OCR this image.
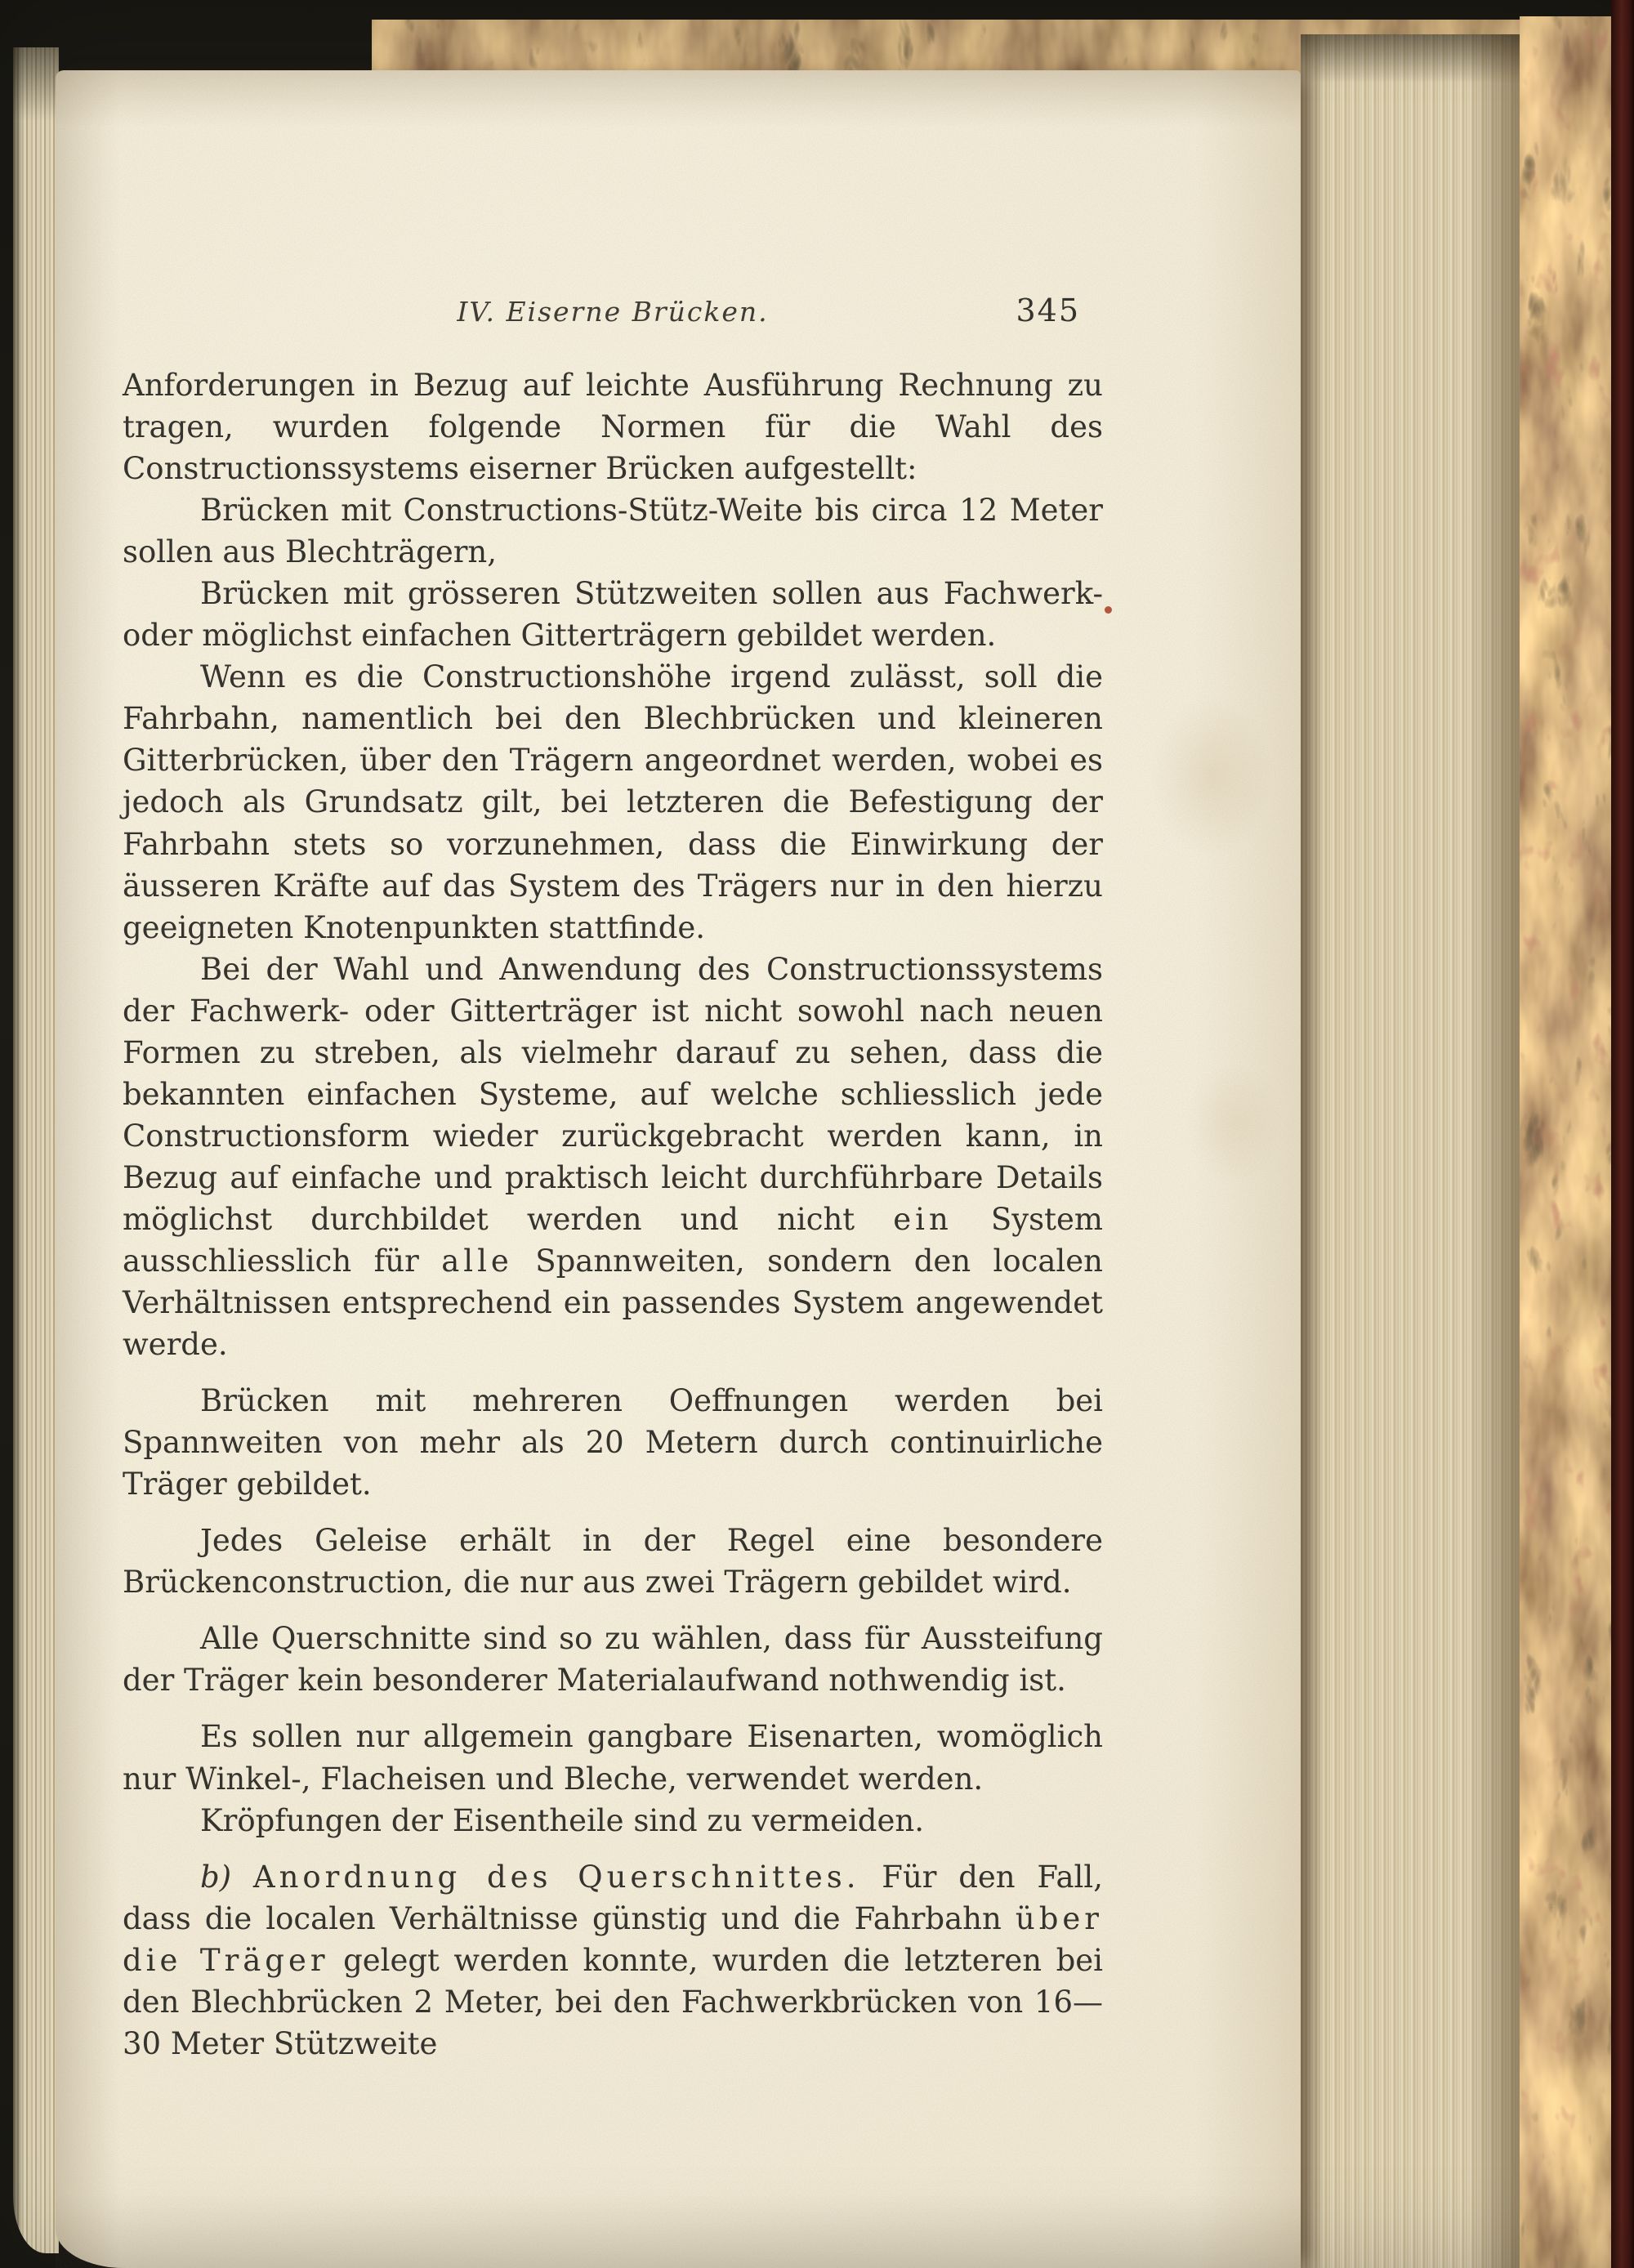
IV. Eiserne Brücken.	345

Anforderungen in Bezug auf leichte Ausführung Rechnung zu tragen, wurden folgende Normen für die Wahl des Constructionssystems eiserner Brücken aufgestellt:

Brücken mit Constructions-Stütz-Weite bis circa 12 Meter sollen aus Blechträgern,

Brücken mit grösseren Stützweiten sollen aus Fachwerk- oder möglichst einfachen Gitterträgern gebildet werden.

Wenn es die Constructionshöhe irgend zulässt, soll die Fahrbahn, namentlich bei den Blechbrücken und kleineren Gitterbrücken, über den Trägern angeordnet werden, wobei es jedoch als Grundsatz gilt, bei letzteren die Befestigung der Fahrbahn stets so vorzunehmen, dass die Einwirkung der äusseren Kräfte auf das System des Trägers nur in den hierzu geeigneten Knotenpunkten stattfinde.

Bei der Wahl und Anwendung des Constructionssystems der Fachwerk- oder Gitterträger ist nicht sowohl nach neuen Formen zu streben, als vielmehr darauf zu sehen, dass die bekannten einfachen Systeme, auf welche schliesslich jede Constructionsform wieder zurückgebracht werden kann, in Bezug auf einfache und praktisch leicht durchführbare Details möglichst durchbildet werden und nicht ein System ausschliesslich für alle Spannweiten, sondern den localen Verhältnissen entsprechend ein passendes System angewendet werde.

Brücken mit mehreren Oeffnungen werden bei Spannweiten von mehr als 20 Metern durch continuirliche Träger gebildet.

Jedes Geleise erhält in der Regel eine besondere Brückenconstruction, die nur aus zwei Trägern gebildet wird.

Alle Querschnitte sind so zu wählen, dass für Aussteifung der Träger kein besonderer Materialaufwand nothwendig ist.

Es sollen nur allgemein gangbare Eisenarten, womöglich nur Winkel-, Flacheisen und Bleche, verwendet werden.

Kröpfungen der Eisentheile sind zu vermeiden.

b) Anordnung des Querschnittes. Für den Fall, dass die localen Verhältnisse günstig und die Fahrbahn über die Träger gelegt werden konnte, wurden die letzteren bei den Blechbrücken 2 Meter, bei den Fachwerkbrücken von 16—30 Meter Stützweite
